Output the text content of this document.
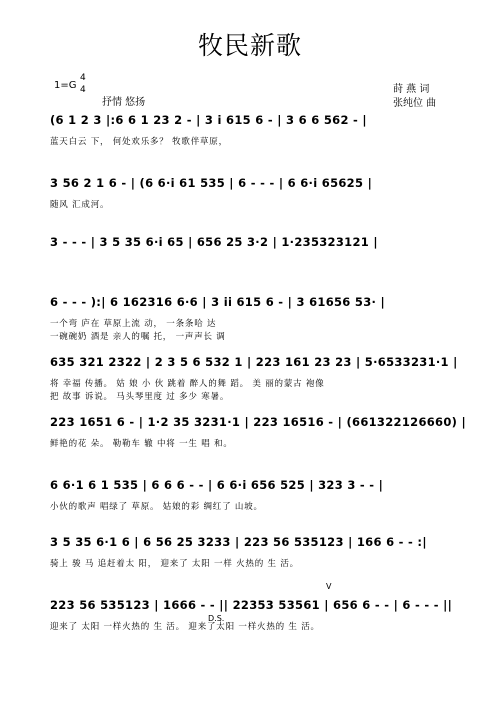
牧民新歌
1=G
4
4
抒情 悠扬
莳 燕 词
张纯位 曲
(6 1 2 3 |:6 6 1 23 2 - | 3 i 615 6 - | 3 6 6 562 - |
蓝天白云 下， 何处欢乐多？ 牧歌伴草原，
3 56 2 1 6 - | (6 6·i 61 535 | 6 - - - | 6 6·i 65625 |
随风 汇成河。
3 - - - | 3 5 35 6·i 65 | 656 25 3·2 | 1·235323121 |
6 - - - ):| 6 162316 6·6 | 3 ii 615 6 - | 3 61656 53· |
一个弯 庐在 草原上流 动， 一条条哈 达
一碗碗奶 酒是 亲人的嘱 托， 一声声长 调
635 321 2322 | 2 3 5 6 532 1 | 223 161 23 23 | 5·6533231·1 |
将 幸福 传播。 姑 娘 小 伙 跳着 醉人的舞 蹈。 美 丽的蒙古 袍像
把 故事 诉说。 马头琴里度 过 多少 寒暑。
223 1651 6 - | 1·2 35 3231·1 | 223 16516 - | (661322126660) |
鲜艳的花 朵。 勒勒车 辙 中将 一生 唱 和。
6 6·1 6 1 535 | 6 6 6 - - | 6 6·i 656 525 | 323 3 - - |
小伙的歌声 唱绿了 草原。 姑娘的彩 绸红了 山坡。
3 5 35 6·1 6 | 6 56 25 3233 | 223 56 535123 | 166 6 - - :|
骑上 骏 马 追赶着太 阳， 迎来了 太阳 一样 火热的 生 活。
223 56 535123 | 1666 - - || 22353 53561 | 656 6 - - | 6 - - - ||
迎来了 太阳 一样火热的 生 活。 迎来了太阳 一样火热的 生 活。
D.S.
V
